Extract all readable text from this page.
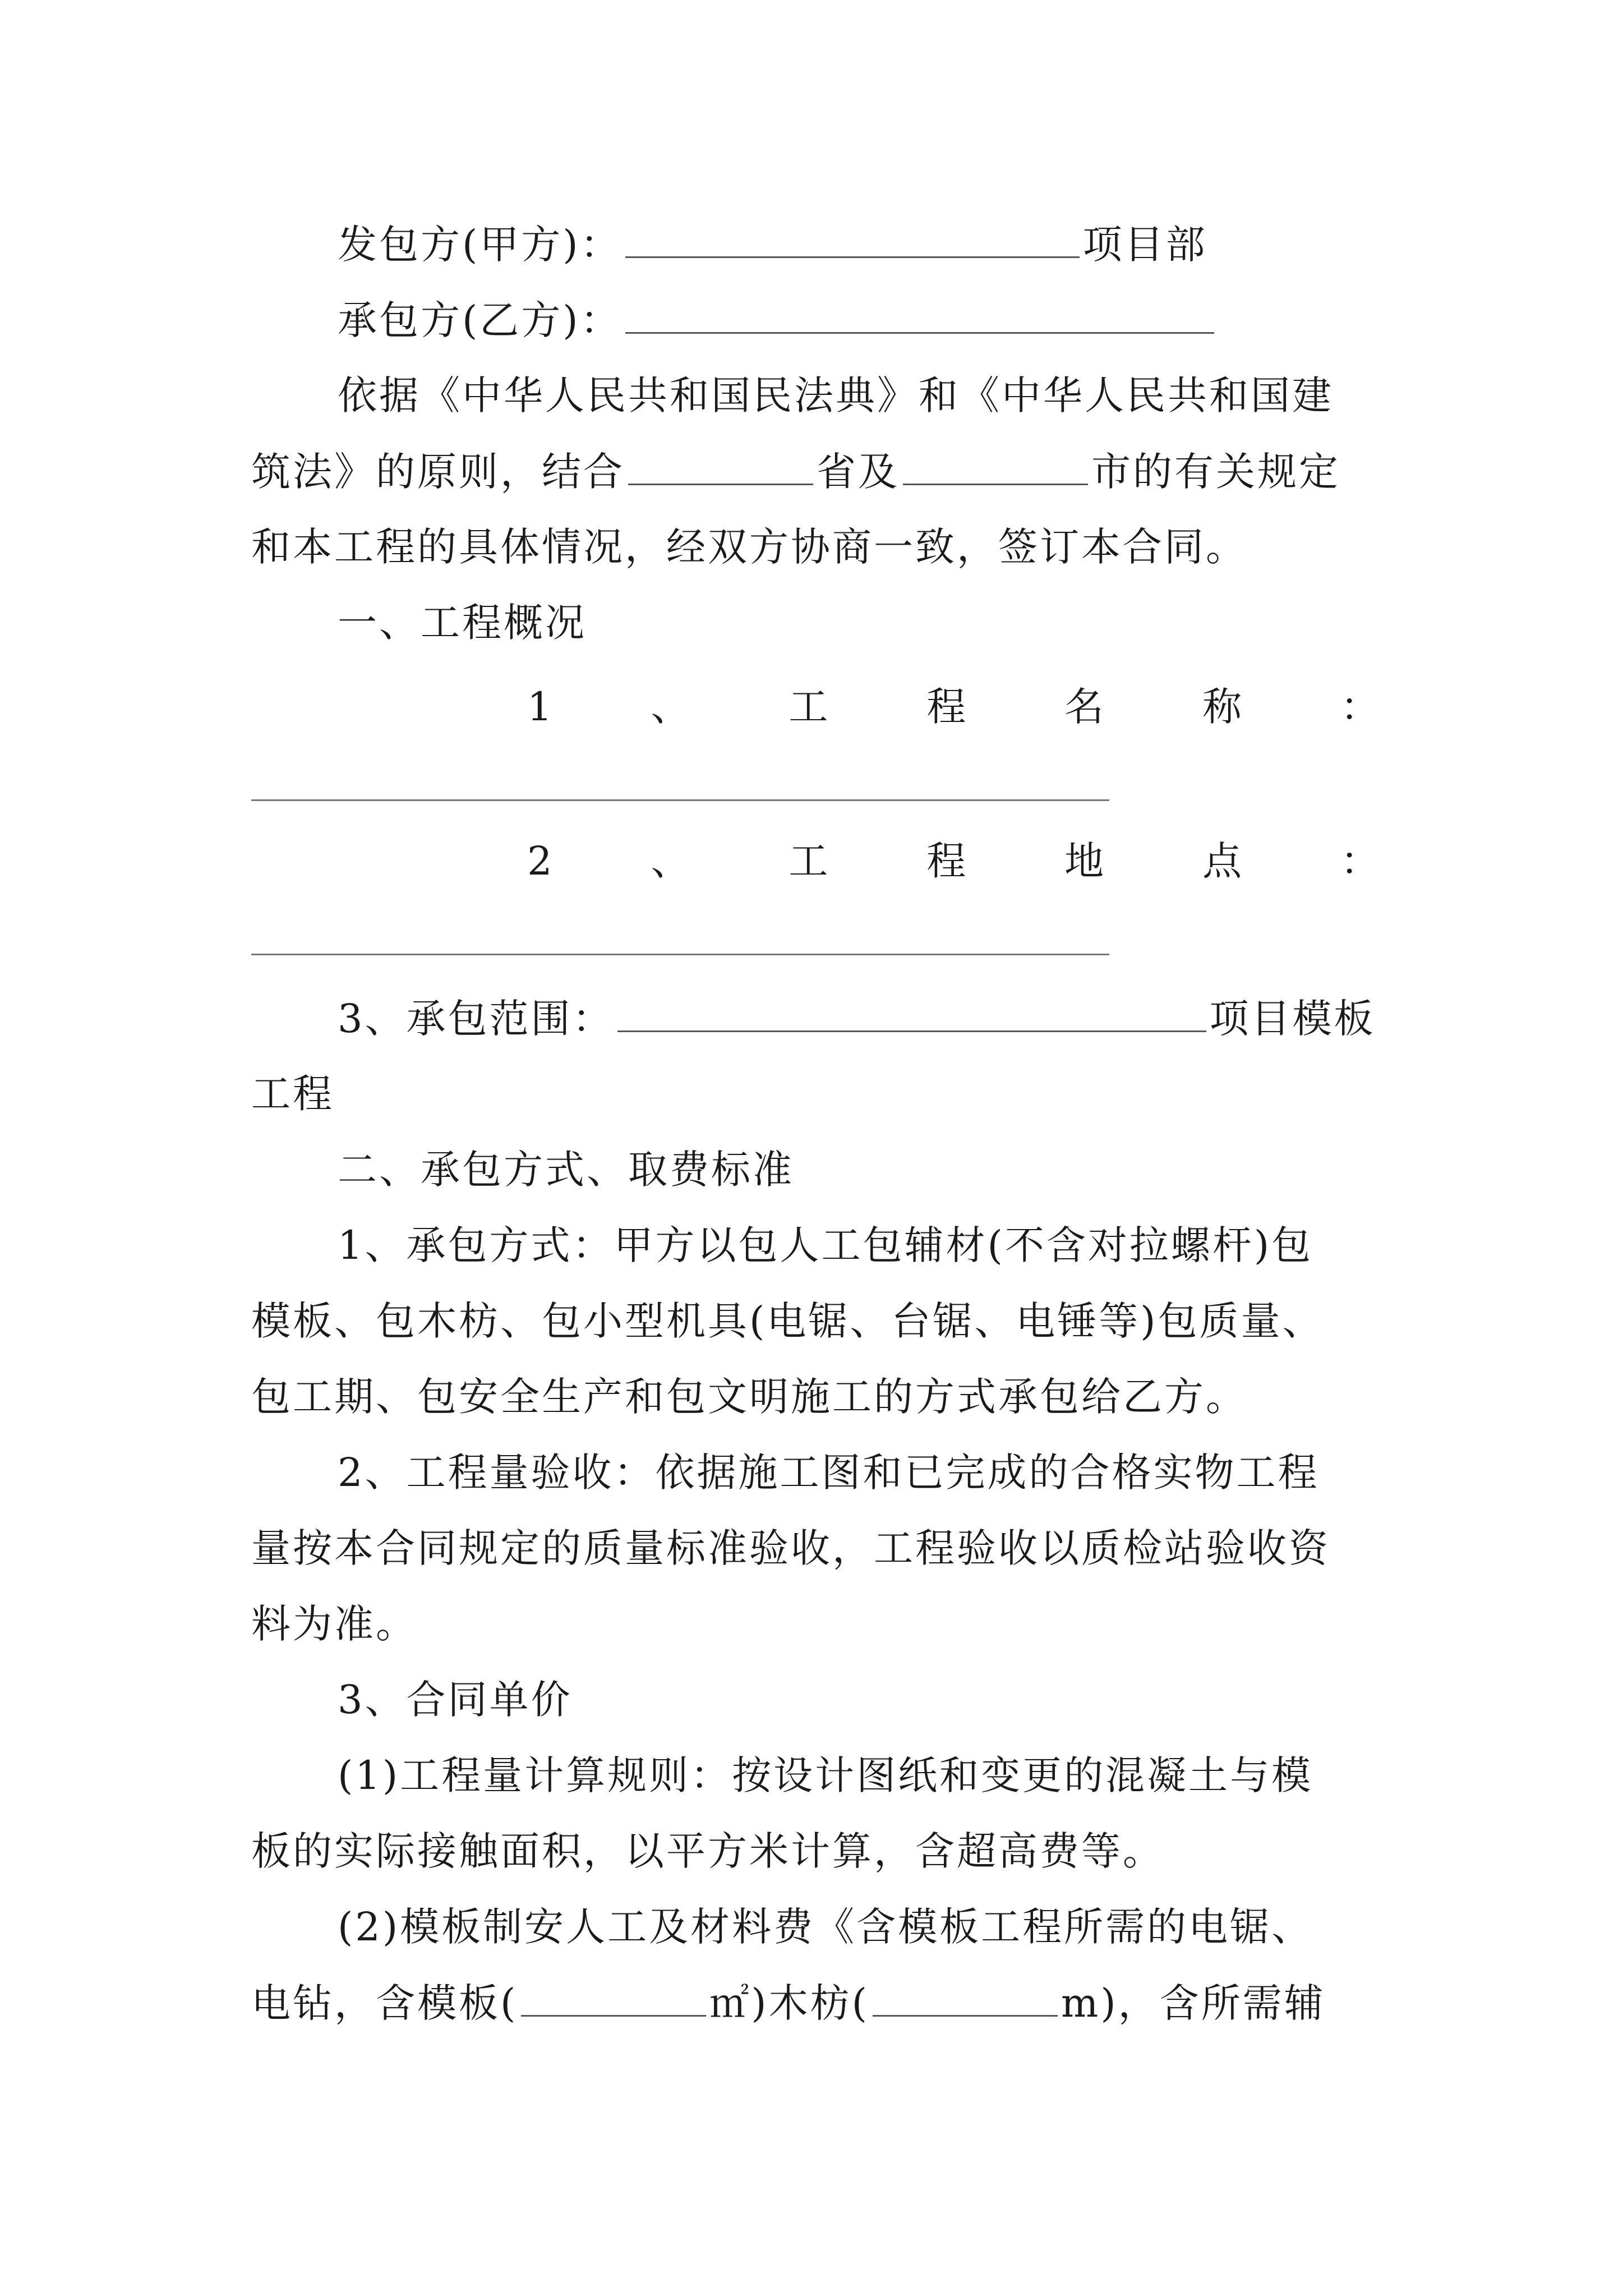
发包方(甲方)：	项目部
承包方(乙方)：
依据《中华人民共和国民法典》和《中华人民共和国建
筑法》的原则，结合	省及	市的有关规定
和本工程的具体情况，经双方协商一致，签订本合同。
一、工程概况
1	、	工	程	名	称	：
2	、	工	程	地	点	：
3、承包范围：	项目模板
工程
二、承包方式、取费标准
1、承包方式：甲方以包人工包辅材(不含对拉螺杆)包
模板、包木枋、包小型机具(电锯、台锯、电锤等)包质量、
包工期、包安全生产和包文明施工的方式承包给乙方。
2、工程量验收：依据施工图和已完成的合格实物工程
量按本合同规定的质量标准验收，工程验收以质检站验收资
料为准。
3、合同单价
(1)工程量计算规则：按设计图纸和变更的混凝土与模
板的实际接触面积，以平方米计算，含超高费等。
(2)模板制安人工及材料费《含模板工程所需的电锯、
电钻，含模板(	㎡)木枋(	m)，含所需辅
